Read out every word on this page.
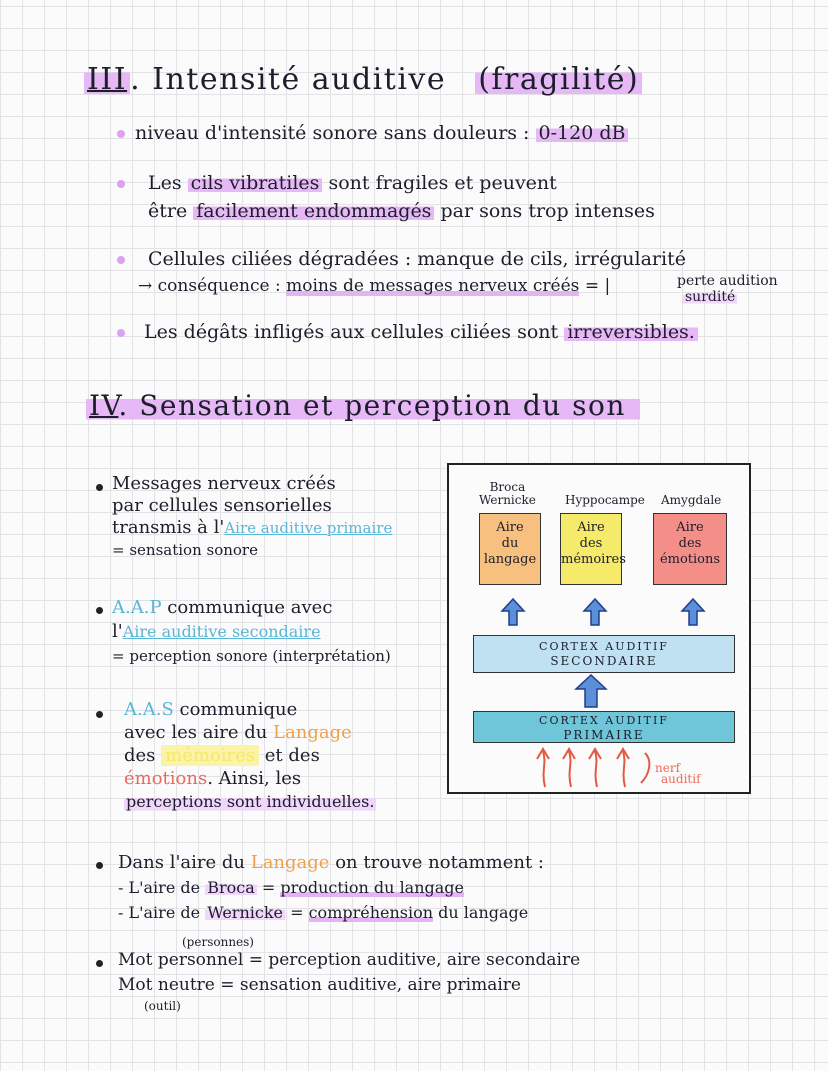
III . Intensité auditive (fragilité)
niveau d'intensité sonore sans douleurs : 0-120 dB
Les cils vibratiles sont fragiles et peuvent
être facilement endommagés par sons trop intenses
Cellules ciliées dégradées : manque de cils, irrégularité
→ conséquence : moins de messages nerveux créés = |	perte audition
surdité
Les dégâts infligés aux cellules ciliées sont irreversibles.
IV. Sensation et perception du son
Messages nerveux créés
par cellules sensorielles
transmis à l'Aire auditive primaire
= sensation sonore
A.A.P communique avec
l'Aire auditive secondaire
= perception sonore (interprétation)
A.A.S communique
avec les aire du Langage
des mémoires et des
émotions. Ainsi, les
perceptions sont individuelles.
Broca
Wernicke Hyppocampe Amygdale
Aire
du
langage
Aire
des
mémoires
Aire
des
émotions
CORTEX AUDITIF
SECONDAIRE
CORTEX AUDITIF
PRIMAIRE
nerf
auditif
Dans l'aire du Langage on trouve notamment :
- L'aire de Broca = production du langage
- L'aire de Wernicke = compréhension du langage
(personnes)
Mot personnel = perception auditive, aire secondaire
Mot neutre = sensation auditive, aire primaire
(outil)
